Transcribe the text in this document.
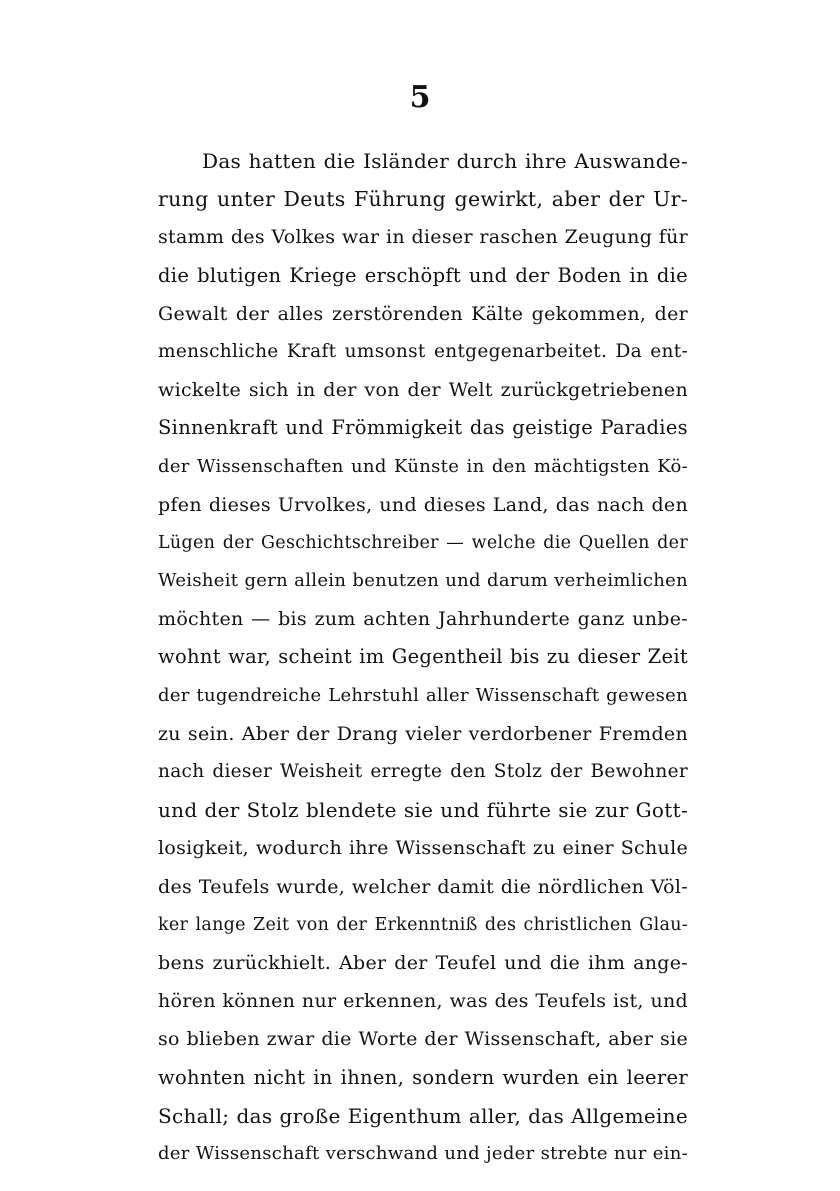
5
Das hatten die Isländer durch ihre Auswande-
rung unter Deuts Führung gewirkt, aber der Ur-
stamm des Volkes war in dieser raschen Zeugung für
die blutigen Kriege erschöpft und der Boden in die
Gewalt der alles zerstörenden Kälte gekommen, der
menschliche Kraft umsonst entgegenarbeitet. Da ent-
wickelte sich in der von der Welt zurückgetriebenen
Sinnenkraft und Frömmigkeit das geistige Paradies
der Wissenschaften und Künste in den mächtigsten Kö-
pfen dieses Urvolkes, und dieses Land, das nach den
Lügen der Geschichtschreiber — welche die Quellen der
Weisheit gern allein benutzen und darum verheimlichen
möchten — bis zum achten Jahrhunderte ganz unbe-
wohnt war, scheint im Gegentheil bis zu dieser Zeit
der tugendreiche Lehrstuhl aller Wissenschaft gewesen
zu sein. Aber der Drang vieler verdorbener Fremden
nach dieser Weisheit erregte den Stolz der Bewohner
und der Stolz blendete sie und führte sie zur Gott-
losigkeit, wodurch ihre Wissenschaft zu einer Schule
des Teufels wurde, welcher damit die nördlichen Völ-
ker lange Zeit von der Erkenntniß des christlichen Glau-
bens zurückhielt. Aber der Teufel und die ihm ange-
hören können nur erkennen, was des Teufels ist, und
so blieben zwar die Worte der Wissenschaft, aber sie
wohnten nicht in ihnen, sondern wurden ein leerer
Schall; das große Eigenthum aller, das Allgemeine
der Wissenschaft verschwand und jeder strebte nur ein-
